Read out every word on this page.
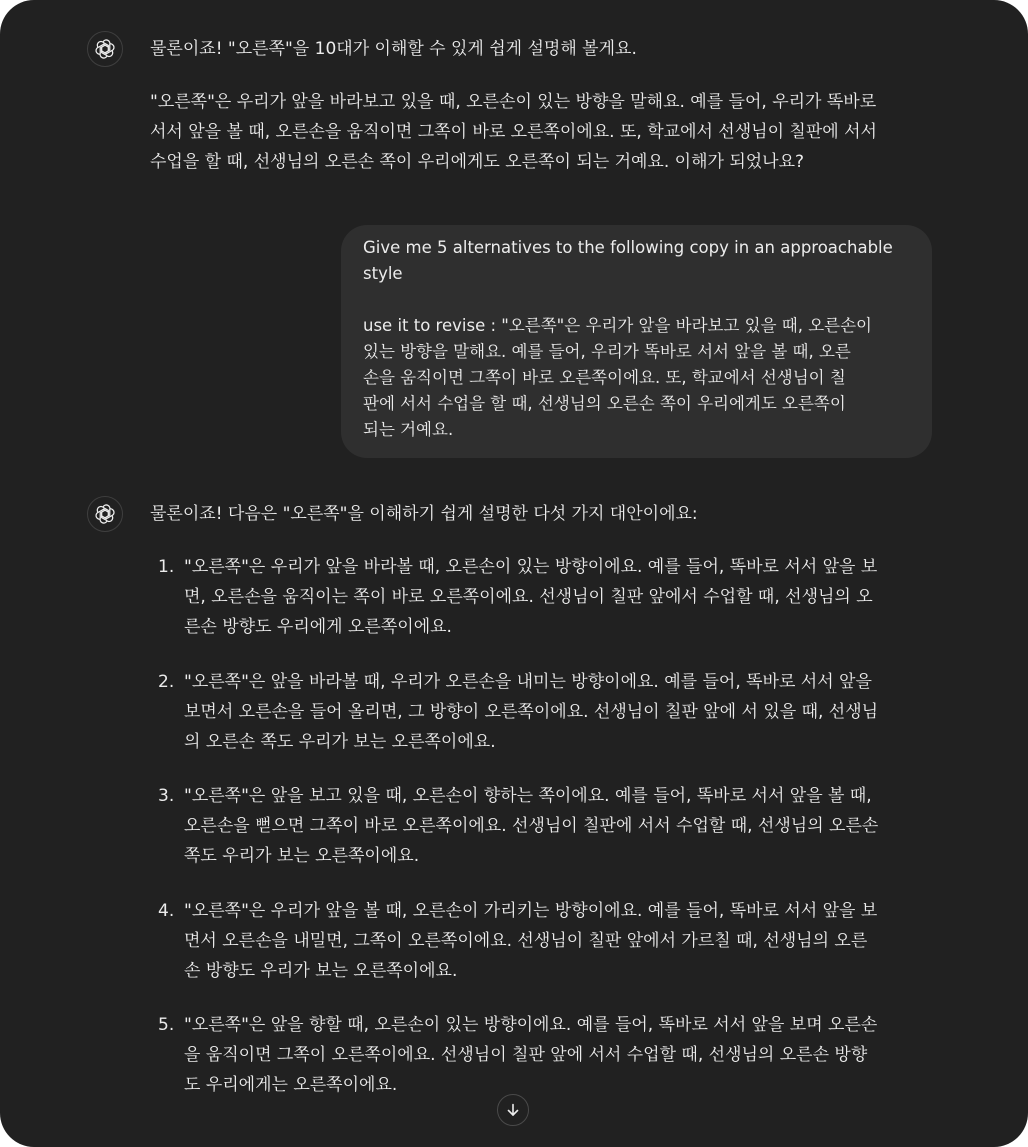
물론이죠! "오른쪽"을 10대가 이해할 수 있게 쉽게 설명해 볼게요.

"오른쪽"은 우리가 앞을 바라보고 있을 때, 오른손이 있는 방향을 말해요. 예를 들어, 우리가 똑바로
서서 앞을 볼 때, 오른손을 움직이면 그쪽이 바로 오른쪽이에요. 또, 학교에서 선생님이 칠판에 서서
수업을 할 때, 선생님의 오른손 쪽이 우리에게도 오른쪽이 되는 거예요. 이해가 되었나요?

Give me 5 alternatives to the following copy in an approachable

style

use it to revise : "오른쪽"은 우리가 앞을 바라보고 있을 때, 오른손이

있는 방향을 말해요. 예를 들어, 우리가 똑바로 서서 앞을 볼 때, 오른

손을 움직이면 그쪽이 바로 오른쪽이에요. 또, 학교에서 선생님이 칠

판에 서서 수업을 할 때, 선생님의 오른손 쪽이 우리에게도 오른쪽이

되는 거예요.

물론이죠! 다음은 "오른쪽"을 이해하기 쉽게 설명한 다섯 가지 대안이에요:
1. "오른쪽"은 우리가 앞을 바라볼 때, 오른손이 있는 방향이에요. 예를 들어, 똑바로 서서 앞을 보
면, 오른손을 움직이는 쪽이 바로 오른쪽이에요. 선생님이 칠판 앞에서 수업할 때, 선생님의 오
른손 방향도 우리에게 오른쪽이에요.
2. "오른쪽"은 앞을 바라볼 때, 우리가 오른손을 내미는 방향이에요. 예를 들어, 똑바로 서서 앞을
보면서 오른손을 들어 올리면, 그 방향이 오른쪽이에요. 선생님이 칠판 앞에 서 있을 때, 선생님
의 오른손 쪽도 우리가 보는 오른쪽이에요.
3. "오른쪽"은 앞을 보고 있을 때, 오른손이 향하는 쪽이에요. 예를 들어, 똑바로 서서 앞을 볼 때,
오른손을 뻗으면 그쪽이 바로 오른쪽이에요. 선생님이 칠판에 서서 수업할 때, 선생님의 오른손
쪽도 우리가 보는 오른쪽이에요.
4. "오른쪽"은 우리가 앞을 볼 때, 오른손이 가리키는 방향이에요. 예를 들어, 똑바로 서서 앞을 보
면서 오른손을 내밀면, 그쪽이 오른쪽이에요. 선생님이 칠판 앞에서 가르칠 때, 선생님의 오른
손 방향도 우리가 보는 오른쪽이에요.
5. "오른쪽"은 앞을 향할 때, 오른손이 있는 방향이에요. 예를 들어, 똑바로 서서 앞을 보며 오른손
을 움직이면 그쪽이 오른쪽이에요. 선생님이 칠판 앞에 서서 수업할 때, 선생님의 오른손 방향
도 우리에게는 오른쪽이에요.
